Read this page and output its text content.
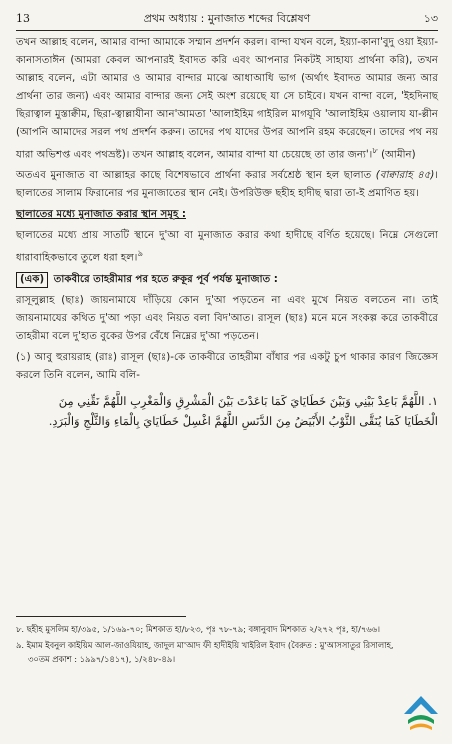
13	প্রথম অধ্যায় : মুনাজাত শব্দের বিশ্লেষণ	১৩

তখন আল্লাহ বলেন, আমার বান্দা আমাকে সম্মান প্রদর্শন করল। বান্দা যখন বলে, ইয়্যা-কানা'বুদু ওয়া ইয়্যা-কানাসতাঈন (আমরা কেবল আপনারই ইবাদত করি এবং আপনার নিকটই সাহায্য প্রার্থনা করি), তখন আল্লাহ বলেন, এটা আমার ও আমার বান্দার মাঝে আধাআধি ভাগ (অর্থাৎ ইবাদত আমার জন্য আর প্রার্থনা তার জন্য) এবং আমার বান্দার জন্য সেই অংশ রয়েছে যা সে চাইবে। যখন বান্দা বলে, 'ইহদিনাছ ছিরাত্বাল মুস্তাক্বীম, ছিরা-ত্বাল্লাযীনা আন'আমতা 'আলাইহিম গাইরিল মাগযূবি 'আলাইহিম ওয়ালায যা-ল্লীন (আপনি আমাদের সরল পথ প্রদর্শন করুন। তাদের পথ যাদের উপর আপনি রহম করেছেন। তাদের পথ নয় যারা অভিশপ্ত এবং পথভ্রষ্ট)। তখন আল্লাহ বলেন, আমার বান্দা যা চেয়েছে তা তার জন্য'।$^৮$ (আমীন)

অতএব মুনাজাত বা আল্লাহর কাছে বিশেষভাবে প্রার্থনা করার সর্বশ্রেষ্ঠ স্থান হল ছালাত (বাক্বারাহ ৪৫)। ছালাতের সালাম ফিরানোর পর মুনাজাতের স্থান নেই। উপরিউক্ত ছহীহ হাদীছ দ্বারা তা-ই প্রমাণিত হয়।

ছালাতের মধ্যে মুনাজাত করার স্থান সমূহ :

ছালাতের মধ্যে প্রায় সাতটি স্থানে দু'আ বা মুনাজাত করার কথা হাদীছে বর্ণিত হয়েছে। নিম্নে সেগুলো ধারাবাহিকভাবে তুলে ধরা হল।$^৯$

(এক) তাকবীরে তাহরীমার পর হতে রুকূর পূর্ব পর্যন্ত মুনাজাত :

রাসূলুল্লাহ (ছাঃ) জায়নামাযে দাঁড়িয়ে কোন দু'আ পড়তেন না এবং মুখে নিয়ত বলতেন না। তাই জায়নামাযের কথিত দু'আ পড়া এবং নিয়ত বলা বিদ'আত। রাসূল (ছাঃ) মনে মনে সংকল্প করে তাকবীরে তাহরীমা বলে দু'হাত বুকের উপর বেঁধে নিম্নের দু'আ পড়তেন।

(১) আবু হুরায়রাহ (রাঃ) রাসূল (ছাঃ)-কে তাকবীরে তাহরীমা বাঁধার পর একটু চুপ থাকার কারণ জিজ্ঞেস করলে তিনি বলেন, আমি বলি-

١. اللَّهُمَّ بَاعِدْ بَيْنِي وَبَيْنَ خَطَايَايَ كَمَا بَاعَدْتَ بَيْنَ الْمَشْرِقِ وَالْمَغْرِبِ اللَّهُمَّ نَقِّنِي مِنَ

الْخَطَايَا كَمَا يُنَقَّى الثَّوْبُ الأَبْيَضُ مِنَ الدَّنَسِ اللَّهُمَّ اغْسِلْ خَطَايَايَ بِالْمَاءِ وَالثَّلْجِ وَالْبَرَدِ.

৮. ছহীহ মুসলিম হা/৩৯৫, ১/১৬৯-৭০; মিশকাত হা/৮২৩, পৃঃ ৭৮-৭৯; বঙ্গানুবাদ মিশকাত ২/২৭২ পৃঃ, হা/৭৬৬।

৯. ইমাম ইবনুল কাইয়িম আল-জাওযিয়াহ, জাদুল মা'আদ ফী হাদীইয়ি খাইরিল ইবাদ (বৈরুত : মু'আসসাতুর রিসালাহ, ৩০তম প্রকাশ : ১৯৯৭/১৪১৭), ১/২৪৮-৪৯।
